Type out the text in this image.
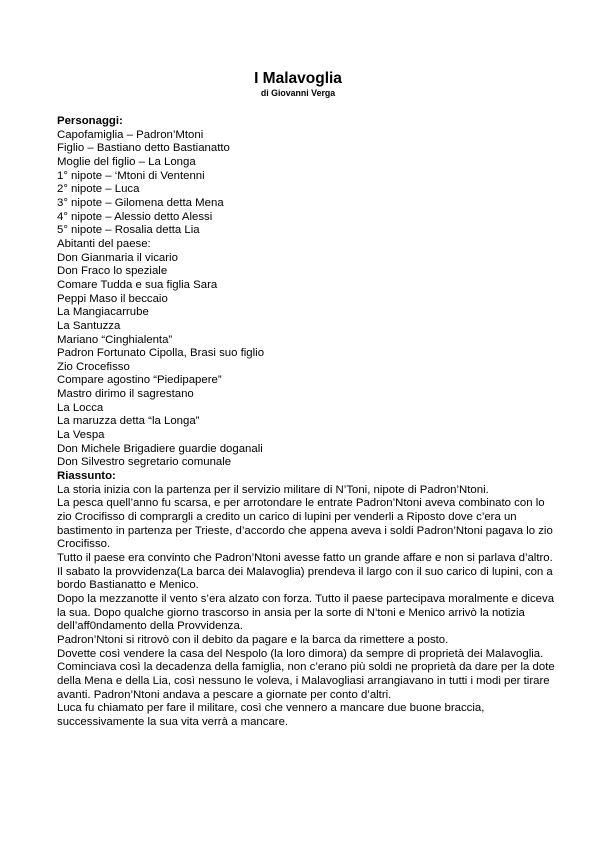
I Malavoglia
di Giovanni Verga
Personaggi:
Capofamiglia – Padron’Mtoni
Figlio – Bastiano detto Bastianatto
Moglie del figlio – La Longa
1° nipote – ‘Mtoni di Ventenni
2° nipote – Luca
3° nipote – Gilomena detta Mena
4° nipote – Alessio detto Alessi
5° nipote – Rosalia detta Lia
Abitanti del paese:
Don Gianmaria il vicario
Don Fraco lo speziale
Comare Tudda e sua figlia Sara
Peppi Maso il beccaio
La Mangiacarrube
La Santuzza
Mariano “Cinghialenta”
Padron Fortunato Cipolla, Brasi suo figlio
Zio Crocefisso
Compare agostino “Piedipapere”
Mastro dirimo il sagrestano
La Locca
La maruzza detta “la Longa”
La Vespa
Don Michele Brigadiere guardie doganali
Don Silvestro segretario comunale
Riassunto:
La storia inizia con la partenza per il servizio militare di N’Toni, nipote di Padron’Ntoni.
La pesca quell’anno fu scarsa, e per arrotondare le entrate Padron’Ntoni aveva combinato con lo zio Crocifisso di comprargli a credito un carico di lupini per venderli a Riposto dove c’era un bastimento in partenza per Trieste, d’accordo che appena aveva i soldi Padron’Ntoni pagava lo zio Crocifisso.
Tutto il paese era convinto che Padron’Ntoni avesse fatto un grande affare e non si parlava d’altro.
Il sabato la provvidenza(La barca dei Malavoglia) prendeva il largo con il suo carico di lupini, con a bordo Bastianatto e Menico.
Dopo la mezzanotte il vento s’era alzato con forza. Tutto il paese partecipava moralmente e diceva la sua. Dopo qualche giorno trascorso in ansia per la sorte di N’toni e Menico arrivò la notizia dell’aff0ndamento della Provvidenza.
Padron’Ntoni si ritrovò con il debito da pagare e la barca da rimettere a posto.
Dovette così vendere la casa del Nespolo (la loro dimora) da sempre di proprietà dei Malavoglia. Cominciava così la decadenza della famiglia, non c’erano più soldi ne proprietà da dare per la dote della Mena e della Lia, così nessuno le voleva, i Malavogliasi arrangiavano in tutti i modi per tirare avanti. Padron’Ntoni andava a pescare a giornate per conto d’altri.
Luca fu chiamato per fare il militare, così che vennero a mancare due buone braccia, successivamente la sua vita verrà a mancare.
